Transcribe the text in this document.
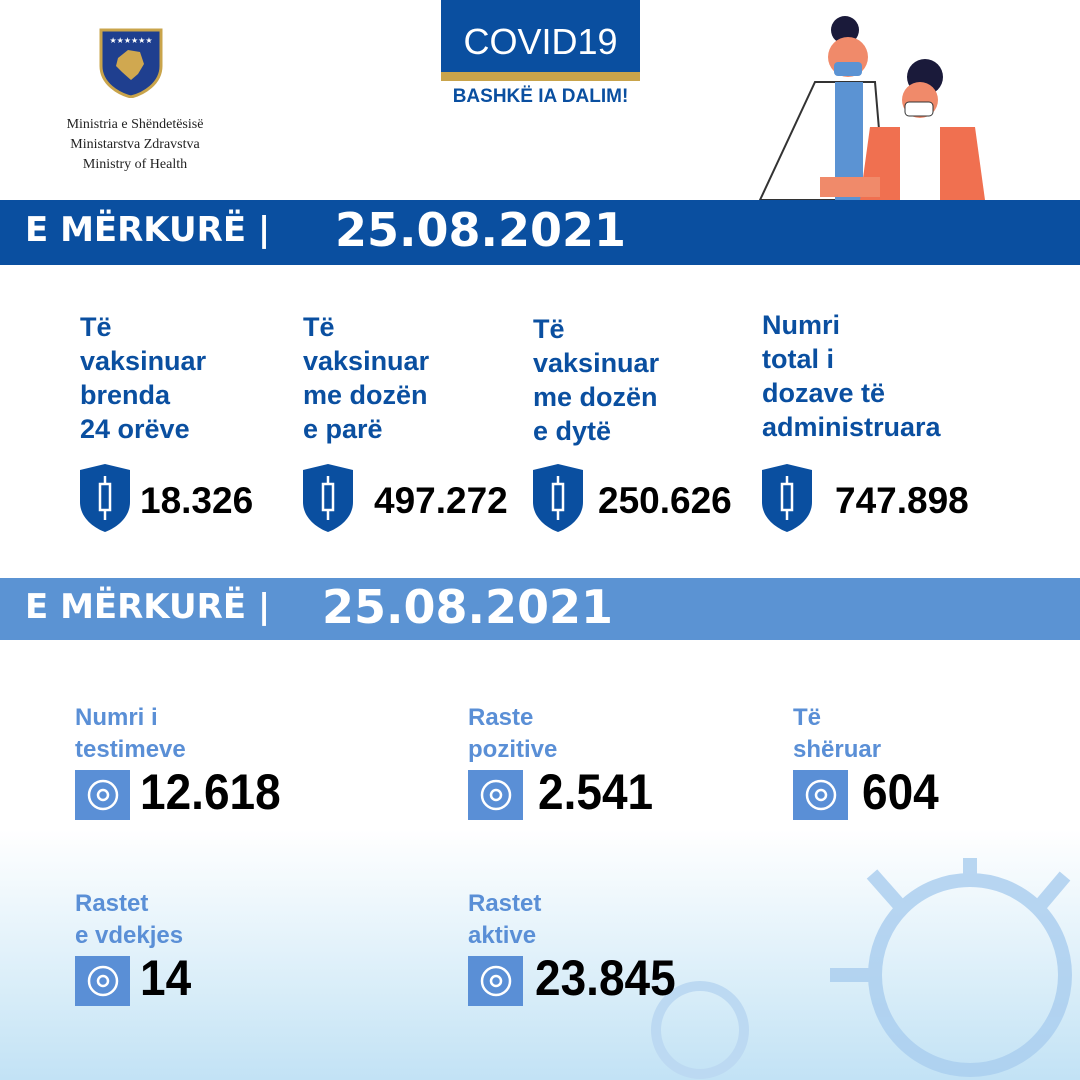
★★★★★★
Ministria e Shëndetësisë
Ministarstva Zdravstva
Ministry of Health
COVID19
BASHKË IA DALIM!
E MËRKURË | 25.08.2021
Të
vaksinuar
brenda
24 orëve
18.326
Të
vaksinuar
me dozën
e parë
497.272
Të
vaksinuar
me dozën
e dytë
250.626
Numri
total i
dozave të
administruara
747.898
E MËRKURË | 25.08.2021
Numri i
testimeve
12.618
Raste
pozitive
2.541
Të
shëruar
604
Rastet
e vdekjes
14
Rastet
aktive
23.845
